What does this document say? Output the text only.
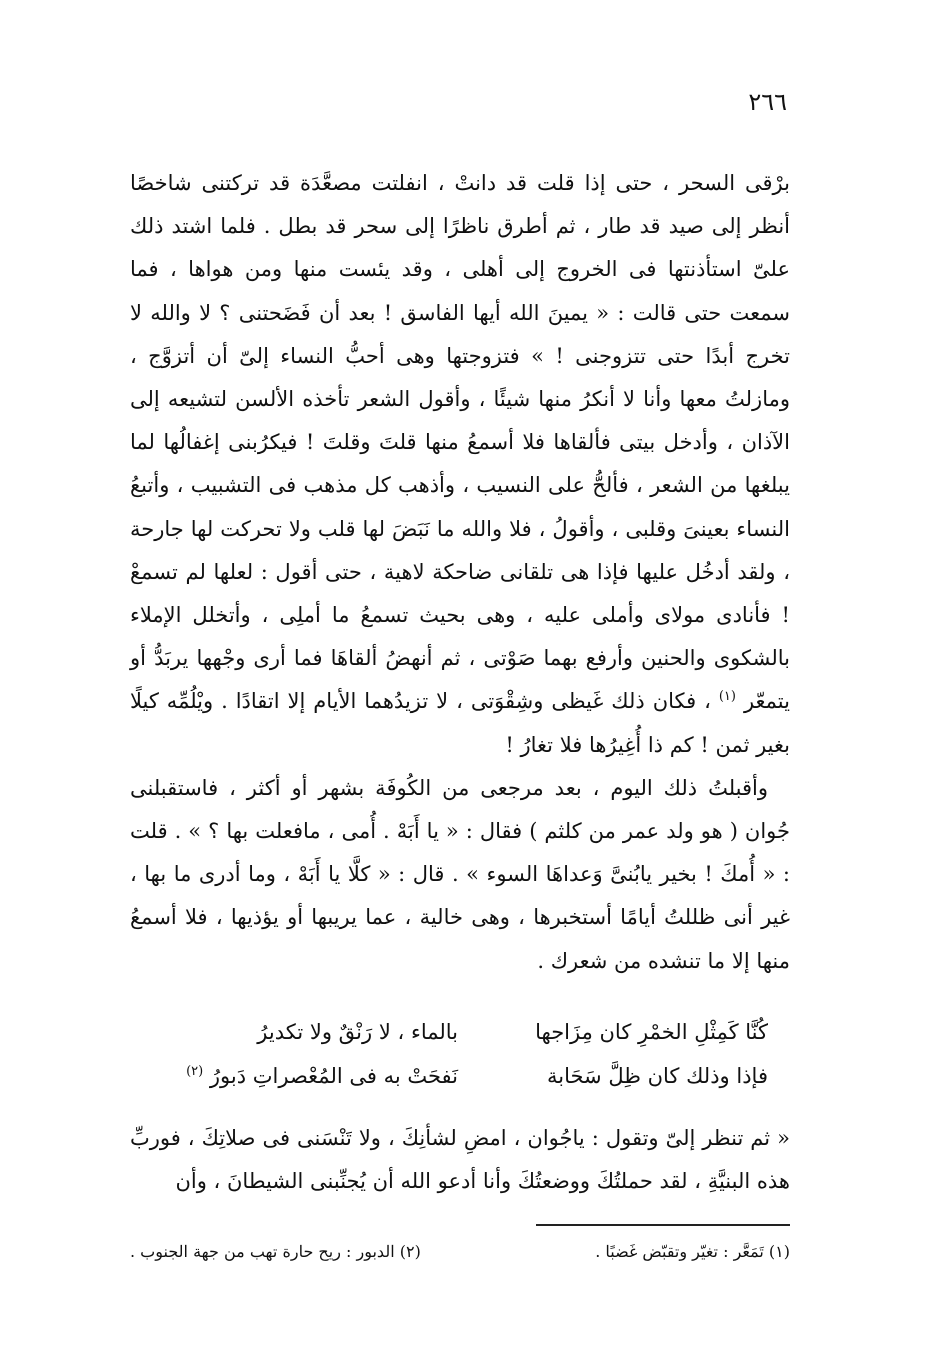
٢٦٦

برْقى السحر ، حتى إذا قلت قد دانتْ ، انفلتت مصعَّدَة قد تركتنى شاخصًا أنظر إلى صيد قد طار ، ثم أطرق ناظرًا إلى سحر قد بطل . فلما اشتد ذلك علىّ استأذنتها فى الخروج إلى أهلى ، وقد يئست منها ومن هواها ، فما سمعت حتى قالت : « يمينَ الله أيها الفاسق ! بعد أن فَضَحتنى ؟ لا والله لا تخرج أبدًا حتى تتزوجنى ! » فتزوجتها وهى أحبُّ النساء إلىّ أن أتزوَّج ، ومازلتُ معها وأنا لا أنكرُ منها شيئًا ، وأقول الشعر تأخذه الألسن لتشيعه إلى الآذان ، وأدخل بيتى فألقاها فلا أسمعُ منها قلتَ وقلتَ ! فيكرُبنى إغفالُها لما يبلغها من الشعر ، فألحُّ على النسيب ، وأذهب كل مذهب فى التشبيب ، وأتبعُ النساء بعينىَ وقلبى ، وأقولُ ، فلا والله ما نَبَضَ لها قلب ولا تحركت لها جارحة ، ولقد أدخُل عليها فإذا هى تلقانى ضاحكة لاهية ، حتى أقول : لعلها لم تسمعْ ! فأنادى مولاى وأملى عليه ، وهى بحيث تسمعُ ما أملِى ، وأتخلل الإملاء بالشكوى والحنين وأرفع بهما صَوْتى ، ثم أنهضُ ألقاهَا فما أرى وجْهها يربَدُّ أو يتمعّر $^{(١)}$ ، فكان ذلك غَيظى وشِقْوَتى ، لا تزيدُهما الأيام إلا اتقادًا . ويْلُمِّه كيلًا بغير ثمن ! كم ذا أُغِيرُها فلا تغارُ !

وأقبلتُ ذلك اليوم ، بعد مرجعى من الكُوفَة بشهر أو أكثر ، فاستقبلنى جُوان ( هو ولد عمر من كلثم ) فقال : « يا أَبَهْ . أُمى ، مافعلت بها ؟ » . قلت : « أُمكَ ! بخير يابُنىَّ وَعداهَا السوء » . قال : « كلَّا يا أَبَهْ ، وما أدرى ما بها ، غير أنى ظللتُ أيامًا أستخبرها ، وهى خالية ، عما يريبها أو يؤذيها ، فلا أسمعُ منها إلا ما تنشده من شعرك .

كُنَّا كَمِثْلِ الخمْرِ كان مِزَاجها
بالماء ، لا رَنْقٌ ولا تكديرُ
فإذا وذلك كان ظِلَّ سَحَابة
نَفحَتْ به فى المُعْصراتِ دَبورُ $^{(٢)}$

« ثم تنظر إلىّ وتقول : ياجُوان ، امضِ لشأنِكَ ، ولا تَنْسَنى فى صلاتِكَ ، فوربِّ هذه البنيَّةِ ، لقد حملتُكَ ووضعتُكَ وأنا أدعو الله أن يُجنِّبنى الشيطانَ ، وأن

(١) تَمَعَّر : تغيّر وتقبّض غَضبًا .
(٢) الدبور : ريح حارة تهب من جهة الجنوب .
